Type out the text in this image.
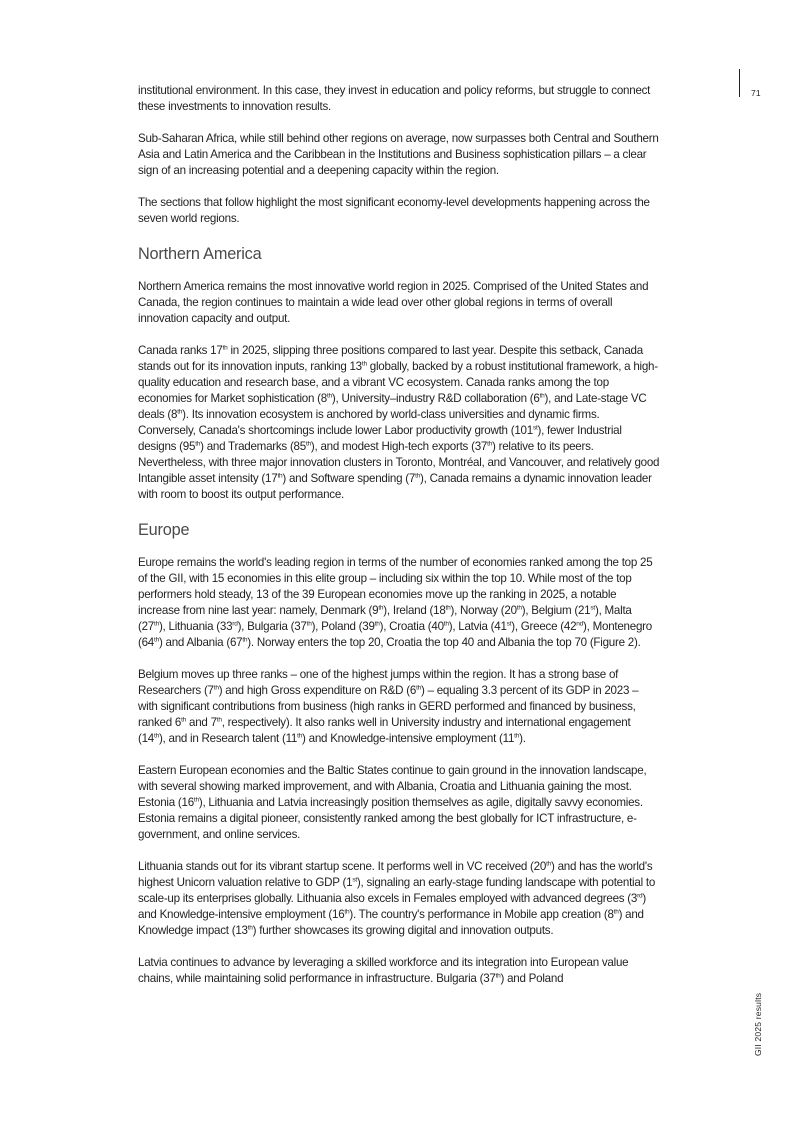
71
GII 2025 results

institutional environment. In this case, they invest in education and policy reforms, but struggle to connect these investments to innovation results.

Sub-Saharan Africa, while still behind other regions on average, now surpasses both Central and Southern Asia and Latin America and the Caribbean in the Institutions and Business sophistication pillars – a clear sign of an increasing potential and a deepening capacity within the region.

The sections that follow highlight the most significant economy-level developments happening across the seven world regions.

Northern America

Northern America remains the most innovative world region in 2025. Comprised of the United States and Canada, the region continues to maintain a wide lead over other global regions in terms of overall innovation capacity and output.

Canada ranks 17th in 2025, slipping three positions compared to last year. Despite this setback, Canada stands out for its innovation inputs, ranking 13th globally, backed by a robust institutional framework, a high-quality education and research base, and a vibrant VC ecosystem. Canada ranks among the top economies for Market sophistication (8th), University–industry R&D collaboration (6th), and Late-stage VC deals (8th). Its innovation ecosystem is anchored by world-class universities and dynamic firms. Conversely, Canada's shortcomings include lower Labor productivity growth (101st), fewer Industrial designs (95th) and Trademarks (85th), and modest High-tech exports (37th) relative to its peers. Nevertheless, with three major innovation clusters in Toronto, Montréal, and Vancouver, and relatively good Intangible asset intensity (17th) and Software spending (7th), Canada remains a dynamic innovation leader with room to boost its output performance.

Europe

Europe remains the world's leading region in terms of the number of economies ranked among the top 25 of the GII, with 15 economies in this elite group – including six within the top 10. While most of the top performers hold steady, 13 of the 39 European economies move up the ranking in 2025, a notable increase from nine last year: namely, Denmark (9th), Ireland (18th), Norway (20th), Belgium (21st), Malta (27th), Lithuania (33rd), Bulgaria (37th), Poland (39th), Croatia (40th), Latvia (41st), Greece (42nd), Montenegro (64th) and Albania (67th). Norway enters the top 20, Croatia the top 40 and Albania the top 70 (Figure 2).

Belgium moves up three ranks – one of the highest jumps within the region. It has a strong base of Researchers (7th) and high Gross expenditure on R&D (6th) – equaling 3.3 percent of its GDP in 2023 – with significant contributions from business (high ranks in GERD performed and financed by business, ranked 6th and 7th, respectively). It also ranks well in University industry and international engagement (14th), and in Research talent (11th) and Knowledge-intensive employment (11th).

Eastern European economies and the Baltic States continue to gain ground in the innovation landscape, with several showing marked improvement, and with Albania, Croatia and Lithuania gaining the most. Estonia (16th), Lithuania and Latvia increasingly position themselves as agile, digitally savvy economies. Estonia remains a digital pioneer, consistently ranked among the best globally for ICT infrastructure, e-government, and online services.

Lithuania stands out for its vibrant startup scene. It performs well in VC received (20th) and has the world's highest Unicorn valuation relative to GDP (1st), signaling an early-stage funding landscape with potential to scale-up its enterprises globally. Lithuania also excels in Females employed with advanced degrees (3rd) and Knowledge-intensive employment (16th). The country's performance in Mobile app creation (8th) and Knowledge impact (13th) further showcases its growing digital and innovation outputs.

Latvia continues to advance by leveraging a skilled workforce and its integration into European value chains, while maintaining solid performance in infrastructure. Bulgaria (37th) and Poland
